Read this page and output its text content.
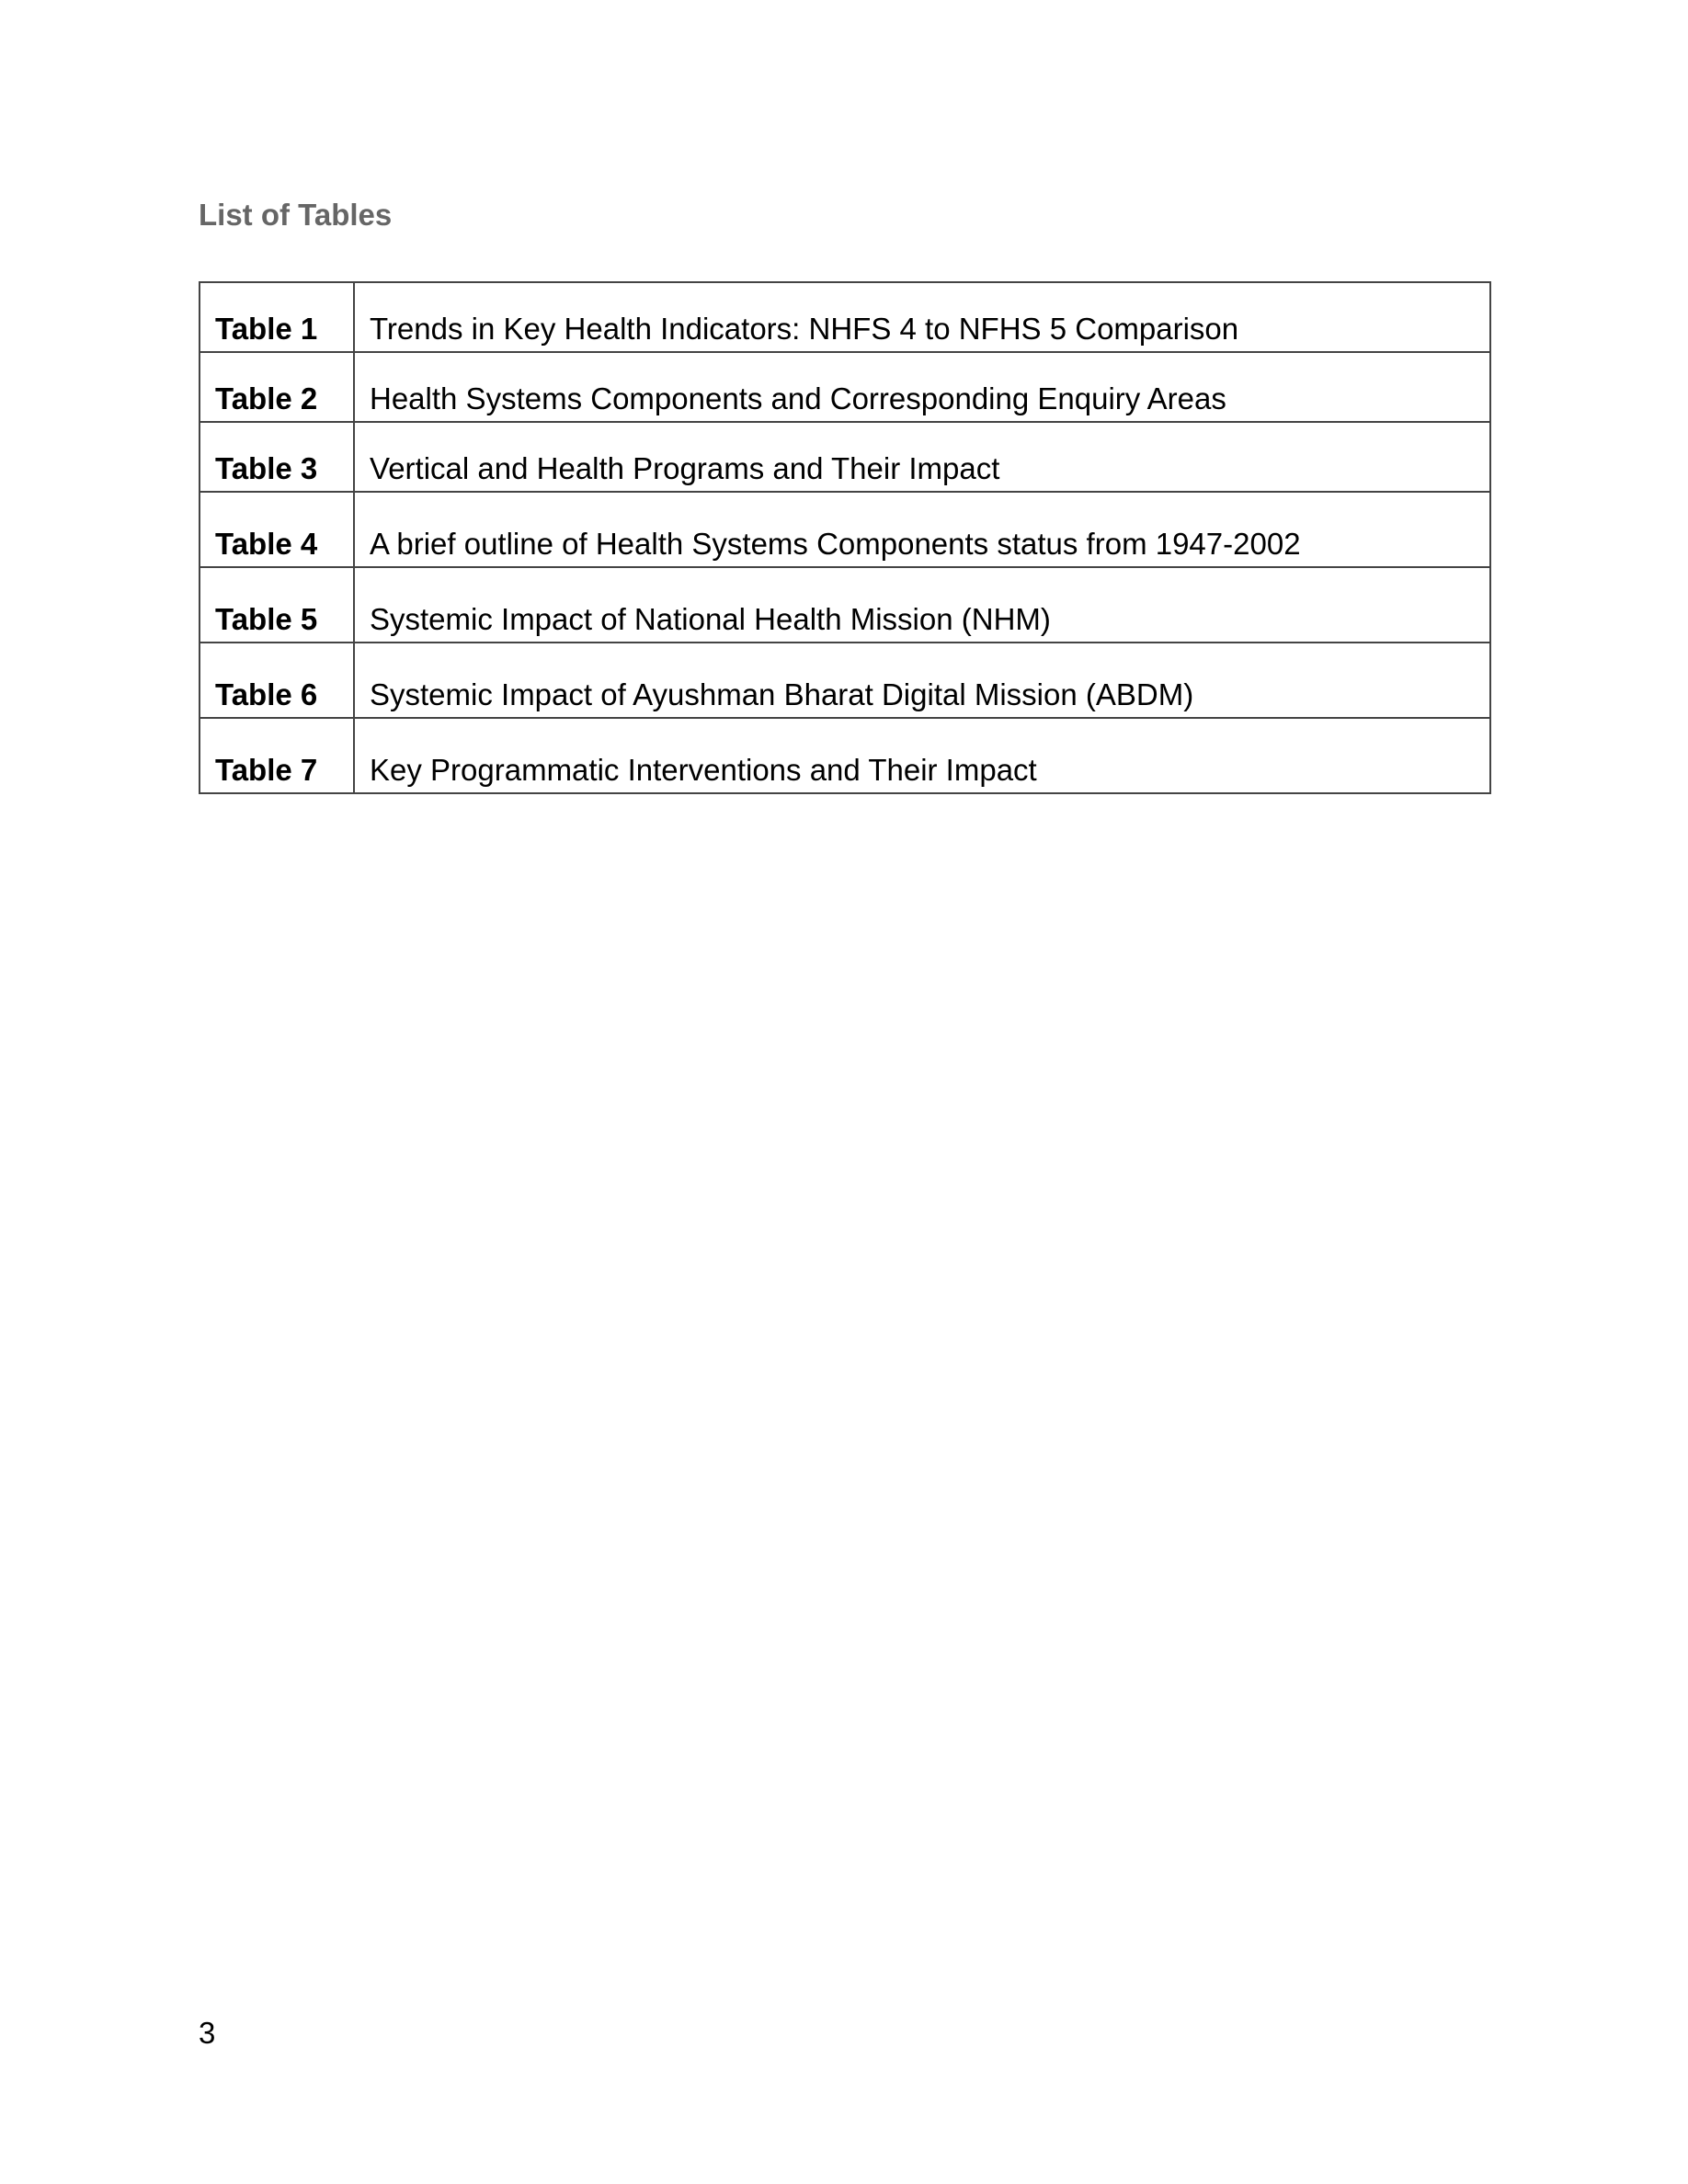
List of Tables
Table 1	Trends in Key Health Indicators: NHFS 4 to NFHS 5 Comparison
Table 2	Health Systems Components and Corresponding Enquiry Areas
Table 3	Vertical and Health Programs and Their Impact
Table 4	A brief outline of Health Systems Components status from 1947-2002
Table 5	Systemic Impact of National Health Mission (NHM)
Table 6	Systemic Impact of Ayushman Bharat Digital Mission (ABDM)
Table 7	Key Programmatic Interventions and Their Impact
3
